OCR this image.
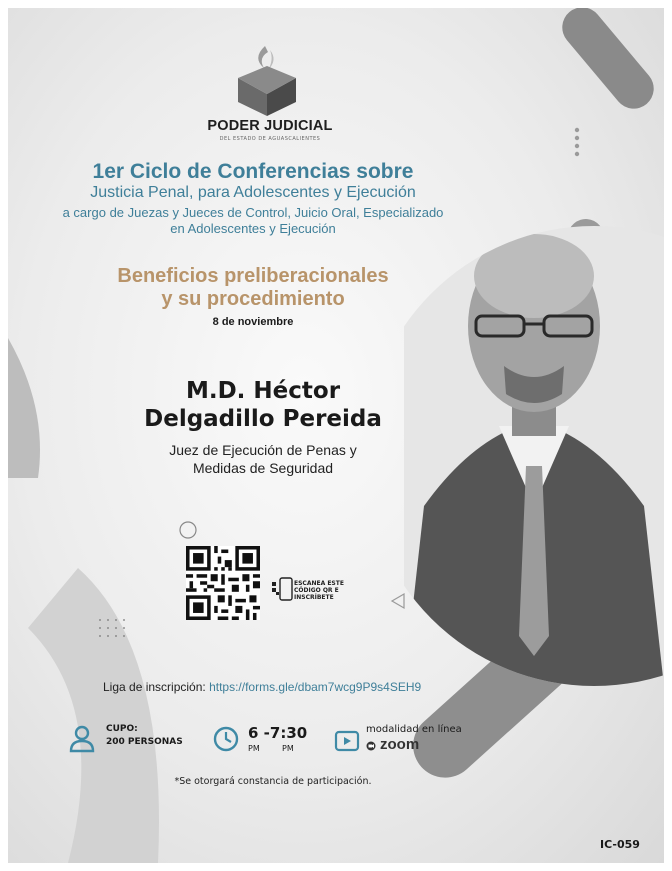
PODER JUDICIAL
DEL ESTADO DE AGUASCALIENTES
1er Ciclo de Conferencias sobre
Justicia Penal, para Adolescentes y Ejecución
a cargo de Juezas y Jueces de Control, Juicio Oral, Especializado
en Adolescentes y Ejecución
Beneficios preliberacionales
y su procedimiento
8 de noviembre
M.D. Héctor
Delgadillo Pereida
Juez de Ejecución de Penas y
Medidas de Seguridad
ESCANEA ESTE
CÓDIGO QR E
INSCRÍBETE
Liga de inscripción: https://forms.gle/dbam7wcg9P9s4SEH9
CUPO:
200 PERSONAS	6 -7:30
PM	PM
modalidad en línea
zoom
*Se otorgará constancia de participación.
IC-059
